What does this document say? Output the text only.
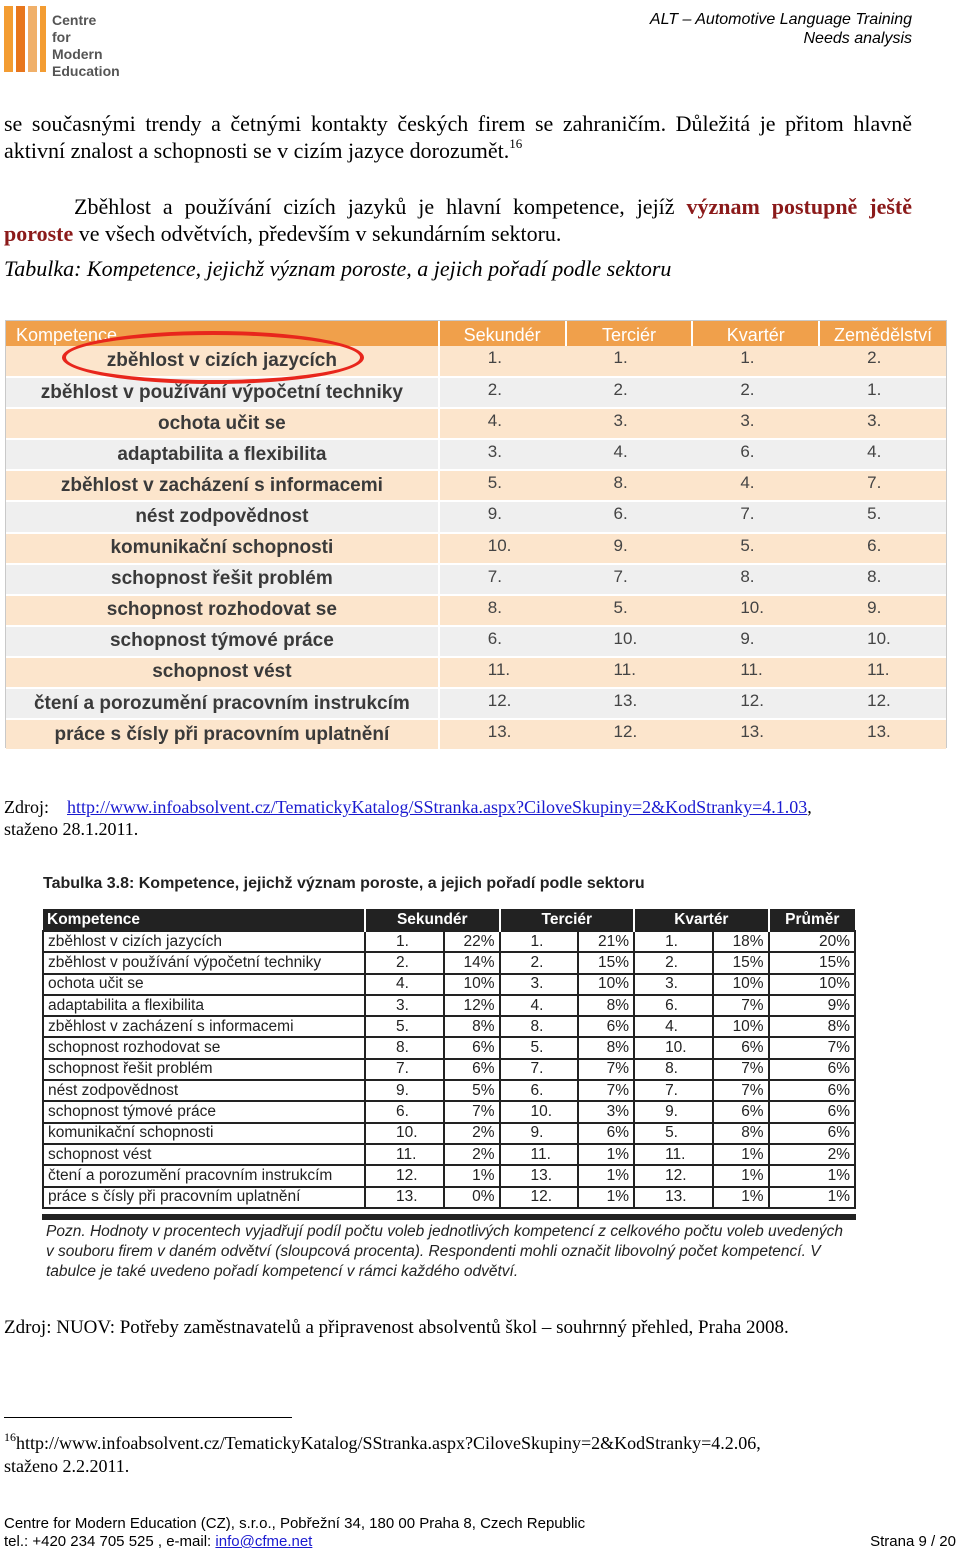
Centre
for Modern
Education
ALT – Automotive Language Training
Needs analysis
se současnými trendy a četnými kontakty českých firem se zahraničím. Důležitá je přitom hlavně aktivní znalost a schopnosti se v cizím jazyce dorozumět.$^{16}$
Zběhlost a používání cizích jazyků je hlavní kompetence, jejíž význam postupně ještě poroste ve všech odvětvích, především v sekundárním sektoru.
Tabulka: Kompetence, jejichž význam poroste, a jejich pořadí podle sektoru
Kompetence	Sekundér	Terciér	Kvartér	Zemědělství
zběhlost v cizích jazycích	1.	1.	1.	2.
zběhlost v používání výpočetní techniky	2.	2.	2.	1.
ochota učit se	4.	3.	3.	3.
adaptabilita a flexibilita	3.	4.	6.	4.
zběhlost v zacházení s informacemi	5.	8.	4.	7.
nést zodpovědnost	9.	6.	7.	5.
komunikační schopnosti	10.	9.	5.	6.
schopnost řešit problém	7.	7.	8.	8.
schopnost rozhodovat se	8.	5.	10.	9.
schopnost týmové práce	6.	10.	9.	10.
schopnost vést	11.	11.	11.	11.
čtení a porozumění pracovním instrukcím	12.	13.	12.	12.
práce s čísly při pracovním uplatnění	13.	12.	13.	13.
Zdroj: http://www.infoabsolvent.cz/TematickyKatalog/SStranka.aspx?CiloveSkupiny=2&KodStranky=4.1.03,
staženo 28.1.2011.
Tabulka 3.8: Kompetence, jejichž význam poroste, a jejich pořadí podle sektoru
Kompetence	Sekundér		Terciér		Kvartér		Průměr
zběhlost v cizích jazycích	1.	22%	1.	21%	1.	18%	20%
zběhlost v používání výpočetní techniky	2.	14%	2.	15%	2.	15%	15%
ochota učit se	4.	10%	3.	10%	3.	10%	10%
adaptabilita a flexibilita	3.	12%	4.	8%	6.	7%	9%
zběhlost v zacházení s informacemi	5.	8%	8.	6%	4.	10%	8%
schopnost rozhodovat se	8.	6%	5.	8%	10.	6%	7%
schopnost řešit problém	7.	6%	7.	7%	8.	7%	6%
nést zodpovědnost	9.	5%	6.	7%	7.	7%	6%
schopnost týmové práce	6.	7%	10.	3%	9.	6%	6%
komunikační schopnosti	10.	2%	9.	6%	5.	8%	6%
schopnost vést	11.	2%	11.	1%	11.	1%	2%
čtení a porozumění pracovním instrukcím	12.	1%	13.	1%	12.	1%	1%
práce s čísly při pracovním uplatnění	13.	0%	12.	1%	13.	1%	1%
Pozn. Hodnoty v procentech vyjadřují podíl počtu voleb jednotlivých kompetencí z celkového počtu voleb uvedených v souboru firem v daném odvětví (sloupcová procenta). Respondenti mohli označit libovolný počet kompetencí. V tabulce je také uvedeno pořadí kompetencí v rámci každého odvětví.
Zdroj: NUOV: Potřeby zaměstnavatelů a připravenost absolventů škol – souhrnný přehled, Praha 2008.
$^{16}$http://www.infoabsolvent.cz/TematickyKatalog/SStranka.aspx?CiloveSkupiny=2&KodStranky=4.2.06,
staženo 2.2.2011.
Centre for Modern Education (CZ), s.r.o., Pobřežní 34, 180 00 Praha 8, Czech Republic
tel.: +420 234 705 525 , e-mail: info@cfme.net	Strana 9 / 20
